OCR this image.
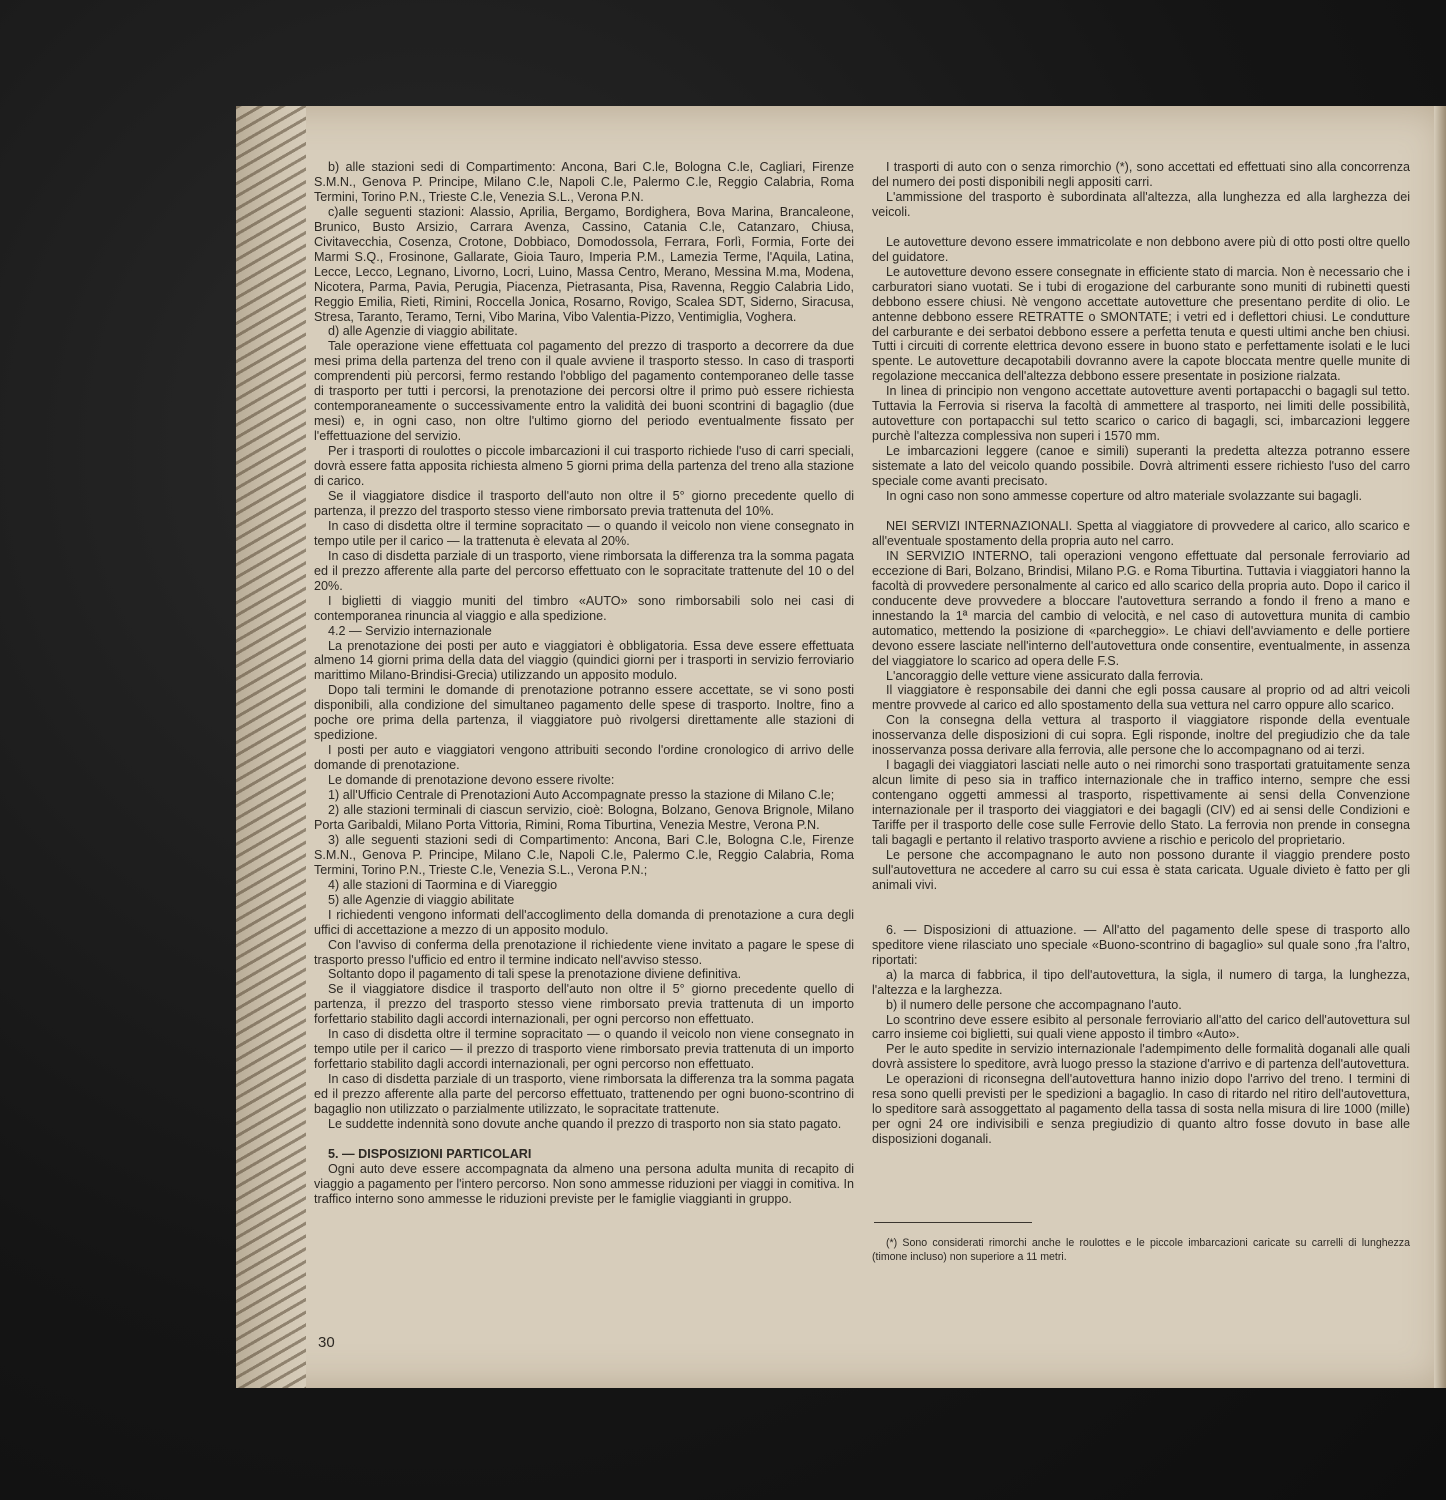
b) alle stazioni sedi di Compartimento: Ancona, Bari C.le, Bologna C.le, Cagliari, Firenze S.M.N., Genova P. Principe, Milano C.le, Napoli C.le, Palermo C.le, Reggio Calabria, Roma Termini, Torino P.N., Trieste C.le, Venezia S.L., Verona P.N.

c)alle seguenti stazioni: Alassio, Aprilia, Bergamo, Bordighera, Bova Marina, Brancaleone, Brunico, Busto Arsizio, Carrara Avenza, Cassino, Catania C.le, Catanzaro, Chiusa, Civitavecchia, Cosenza, Crotone, Dobbiaco, Domodossola, Ferrara, Forlì, Formia, Forte dei Marmi S.Q., Frosinone, Gallarate, Gioia Tauro, Imperia P.M., Lamezia Terme, l'Aquila, Latina, Lecce, Lecco, Legnano, Livorno, Locri, Luino, Massa Centro, Merano, Messina M.ma, Modena, Nicotera, Parma, Pavia, Perugia, Piacenza, Pietrasanta, Pisa, Ravenna, Reggio Calabria Lido, Reggio Emilia, Rieti, Rimini, Roccella Jonica, Rosarno, Rovigo, Scalea SDT, Siderno, Siracusa, Stresa, Taranto, Teramo, Terni, Vibo Marina, Vibo Valentia-Pizzo, Ventimiglia, Voghera.

d) alle Agenzie di viaggio abilitate.

Tale operazione viene effettuata col pagamento del prezzo di trasporto a decorrere da due mesi prima della partenza del treno con il quale avviene il trasporto stesso. In caso di trasporti comprendenti più percorsi, fermo restando l'obbligo del pagamento contemporaneo delle tasse di trasporto per tutti i percorsi, la prenotazione dei percorsi oltre il primo può essere richiesta contemporaneamente o successivamente entro la validità dei buoni scontrini di bagaglio (due mesi) e, in ogni caso, non oltre l'ultimo giorno del periodo eventualmente fissato per l'effettuazione del servizio.

Per i trasporti di roulottes o piccole imbarcazioni il cui trasporto richiede l'uso di carri speciali, dovrà essere fatta apposita richiesta almeno 5 giorni prima della partenza del treno alla stazione di carico.

Se il viaggiatore disdice il trasporto dell'auto non oltre il 5° giorno precedente quello di partenza, il prezzo del trasporto stesso viene rimborsato previa trattenuta del 10%.

In caso di disdetta oltre il termine sopracitato — o quando il veicolo non viene consegnato in tempo utile per il carico — la trattenuta è elevata al 20%.

In caso di disdetta parziale di un trasporto, viene rimborsata la differenza tra la somma pagata ed il prezzo afferente alla parte del percorso effettuato con le sopracitate trattenute del 10 o del 20%.

I biglietti di viaggio muniti del timbro «AUTO» sono rimborsabili solo nei casi di contemporanea rinuncia al viaggio e alla spedizione.

4.2 — Servizio internazionale

La prenotazione dei posti per auto e viaggiatori è obbligatoria. Essa deve essere effettuata almeno 14 giorni prima della data del viaggio (quindici giorni per i trasporti in servizio ferroviario marittimo Milano-Brindisi-Grecia) utilizzando un apposito modulo.

Dopo tali termini le domande di prenotazione potranno essere accettate, se vi sono posti disponibili, alla condizione del simultaneo pagamento delle spese di trasporto. Inoltre, fino a poche ore prima della partenza, il viaggiatore può rivolgersi direttamente alle stazioni di spedizione.

I posti per auto e viaggiatori vengono attribuiti secondo l'ordine cronologico di arrivo delle domande di prenotazione.

Le domande di prenotazione devono essere rivolte:

1) all'Ufficio Centrale di Prenotazioni Auto Accompagnate presso la stazione di Milano C.le;

2) alle stazioni terminali di ciascun servizio, cioè: Bologna, Bolzano, Genova Brignole, Milano Porta Garibaldi, Milano Porta Vittoria, Rimini, Roma Tiburtina, Venezia Mestre, Verona P.N.

3) alle seguenti stazioni sedi di Compartimento: Ancona, Bari C.le, Bologna C.le, Firenze S.M.N., Genova P. Principe, Milano C.le, Napoli C.le, Palermo C.le, Reggio Calabria, Roma Termini, Torino P.N., Trieste C.le, Venezia S.L., Verona P.N.;

4) alle stazioni di Taormina e di Viareggio

5) alle Agenzie di viaggio abilitate

I richiedenti vengono informati dell'accoglimento della domanda di prenotazione a cura degli uffici di accettazione a mezzo di un apposito modulo.

Con l'avviso di conferma della prenotazione il richiedente viene invitato a pagare le spese di trasporto presso l'ufficio ed entro il termine indicato nell'avviso stesso.

Soltanto dopo il pagamento di tali spese la prenotazione diviene definitiva.

Se il viaggiatore disdice il trasporto dell'auto non oltre il 5° giorno precedente quello di partenza, il prezzo del trasporto stesso viene rimborsato previa trattenuta di un importo forfettario stabilito dagli accordi internazionali, per ogni percorso non effettuato.

In caso di disdetta oltre il termine sopracitato — o quando il veicolo non viene consegnato in tempo utile per il carico — il prezzo di trasporto viene rimborsato previa trattenuta di un importo forfettario stabilito dagli accordi internazionali, per ogni percorso non effettuato.

In caso di disdetta parziale di un trasporto, viene rimborsata la differenza tra la somma pagata ed il prezzo afferente alla parte del percorso effettuato, trattenendo per ogni buono-scontrino di bagaglio non utilizzato o parzialmente utilizzato, le sopracitate trattenute.

Le suddette indennità sono dovute anche quando il prezzo di trasporto non sia stato pagato.

5. — DISPOSIZIONI PARTICOLARI

Ogni auto deve essere accompagnata da almeno una persona adulta munita di recapito di viaggio a pagamento per l'intero percorso. Non sono ammesse riduzioni per viaggi in comitiva. In traffico interno sono ammesse le riduzioni previste per le famiglie viaggianti in gruppo.

I trasporti di auto con o senza rimorchio (*), sono accettati ed effettuati sino alla concorrenza del numero dei posti disponibili negli appositi carri.

L'ammissione del trasporto è subordinata all'altezza, alla lunghezza ed alla larghezza dei veicoli.

Le autovetture devono essere immatricolate e non debbono avere più di otto posti oltre quello del guidatore.

Le autovetture devono essere consegnate in efficiente stato di marcia. Non è necessario che i carburatori siano vuotati. Se i tubi di erogazione del carburante sono muniti di rubinetti questi debbono essere chiusi. Nè vengono accettate autovetture che presentano perdite di olio. Le antenne debbono essere RETRATTE o SMONTATE; i vetri ed i deflettori chiusi. Le condutture del carburante e dei serbatoi debbono essere a perfetta tenuta e questi ultimi anche ben chiusi. Tutti i circuiti di corrente elettrica devono essere in buono stato e perfettamente isolati e le luci spente. Le autovetture decapotabili dovranno avere la capote bloccata mentre quelle munite di regolazione meccanica dell'altezza debbono essere presentate in posizione rialzata.

In linea di principio non vengono accettate autovetture aventi portapacchi o bagagli sul tetto. Tuttavia la Ferrovia si riserva la facoltà di ammettere al trasporto, nei limiti delle possibilità, autovetture con portapacchi sul tetto scarico o carico di bagagli, sci, imbarcazioni leggere purchè l'altezza complessiva non superi i 1570 mm.

Le imbarcazioni leggere (canoe e simili) superanti la predetta altezza potranno essere sistemate a lato del veicolo quando possibile. Dovrà altrimenti essere richiesto l'uso del carro speciale come avanti precisato.

In ogni caso non sono ammesse coperture od altro materiale svolazzante sui bagagli.

NEI SERVIZI INTERNAZIONALI. Spetta al viaggiatore di provvedere al carico, allo scarico e all'eventuale spostamento della propria auto nel carro.

IN SERVIZIO INTERNO, tali operazioni vengono effettuate dal personale ferroviario ad eccezione di Bari, Bolzano, Brindisi, Milano P.G. e Roma Tiburtina. Tuttavia i viaggiatori hanno la facoltà di provvedere personalmente al carico ed allo scarico della propria auto. Dopo il carico il conducente deve provvedere a bloccare l'autovettura serrando a fondo il freno a mano e innestando la 1ª marcia del cambio di velocità, e nel caso di autovettura munita di cambio automatico, mettendo la posizione di «parcheggio». Le chiavi dell'avviamento e delle portiere devono essere lasciate nell'interno dell'autovettura onde consentire, eventualmente, in assenza del viaggiatore lo scarico ad opera delle F.S.

L'ancoraggio delle vetture viene assicurato dalla ferrovia.

Il viaggiatore è responsabile dei danni che egli possa causare al proprio od ad altri veicoli mentre provvede al carico ed allo spostamento della sua vettura nel carro oppure allo scarico.

Con la consegna della vettura al trasporto il viaggiatore risponde della eventuale inosservanza delle disposizioni di cui sopra. Egli risponde, inoltre del pregiudizio che da tale inosservanza possa derivare alla ferrovia, alle persone che lo accompagnano od ai terzi.

I bagagli dei viaggiatori lasciati nelle auto o nei rimorchi sono trasportati gratuitamente senza alcun limite di peso sia in traffico internazionale che in traffico interno, sempre che essi contengano oggetti ammessi al trasporto, rispettivamente ai sensi della Convenzione internazionale per il trasporto dei viaggiatori e dei bagagli (CIV) ed ai sensi delle Condizioni e Tariffe per il trasporto delle cose sulle Ferrovie dello Stato. La ferrovia non prende in consegna tali bagagli e pertanto il relativo trasporto avviene a rischio e pericolo del proprietario.

Le persone che accompagnano le auto non possono durante il viaggio prendere posto sull'autovettura ne accedere al carro su cui essa è stata caricata. Uguale divieto è fatto per gli animali vivi.

6. — Disposizioni di attuazione. — All'atto del pagamento delle spese di trasporto allo speditore viene rilasciato uno speciale «Buono-scontrino di bagaglio» sul quale sono ,fra l'altro, riportati:

a) la marca di fabbrica, il tipo dell'autovettura, la sigla, il numero di targa, la lunghezza, l'altezza e la larghezza.

b) il numero delle persone che accompagnano l'auto.

Lo scontrino deve essere esibito al personale ferroviario all'atto del carico dell'autovettura sul carro insieme coi biglietti, sui quali viene apposto il timbro «Auto».

Per le auto spedite in servizio internazionale l'adempimento delle formalità doganali alle quali dovrà assistere lo speditore, avrà luogo presso la stazione d'arrivo e di partenza dell'autovettura.

Le operazioni di riconsegna dell'autovettura hanno inizio dopo l'arrivo del treno. I termini di resa sono quelli previsti per le spedizioni a bagaglio. In caso di ritardo nel ritiro dell'autovettura, lo speditore sarà assoggettato al pagamento della tassa di sosta nella misura di lire 1000 (mille) per ogni 24 ore indivisibili e senza pregiudizio di quanto altro fosse dovuto in base alle disposizioni doganali.

(*) Sono considerati rimorchi anche le roulottes e le piccole imbarcazioni caricate su carrelli di lunghezza (timone incluso) non superiore a 11 metri.
30
